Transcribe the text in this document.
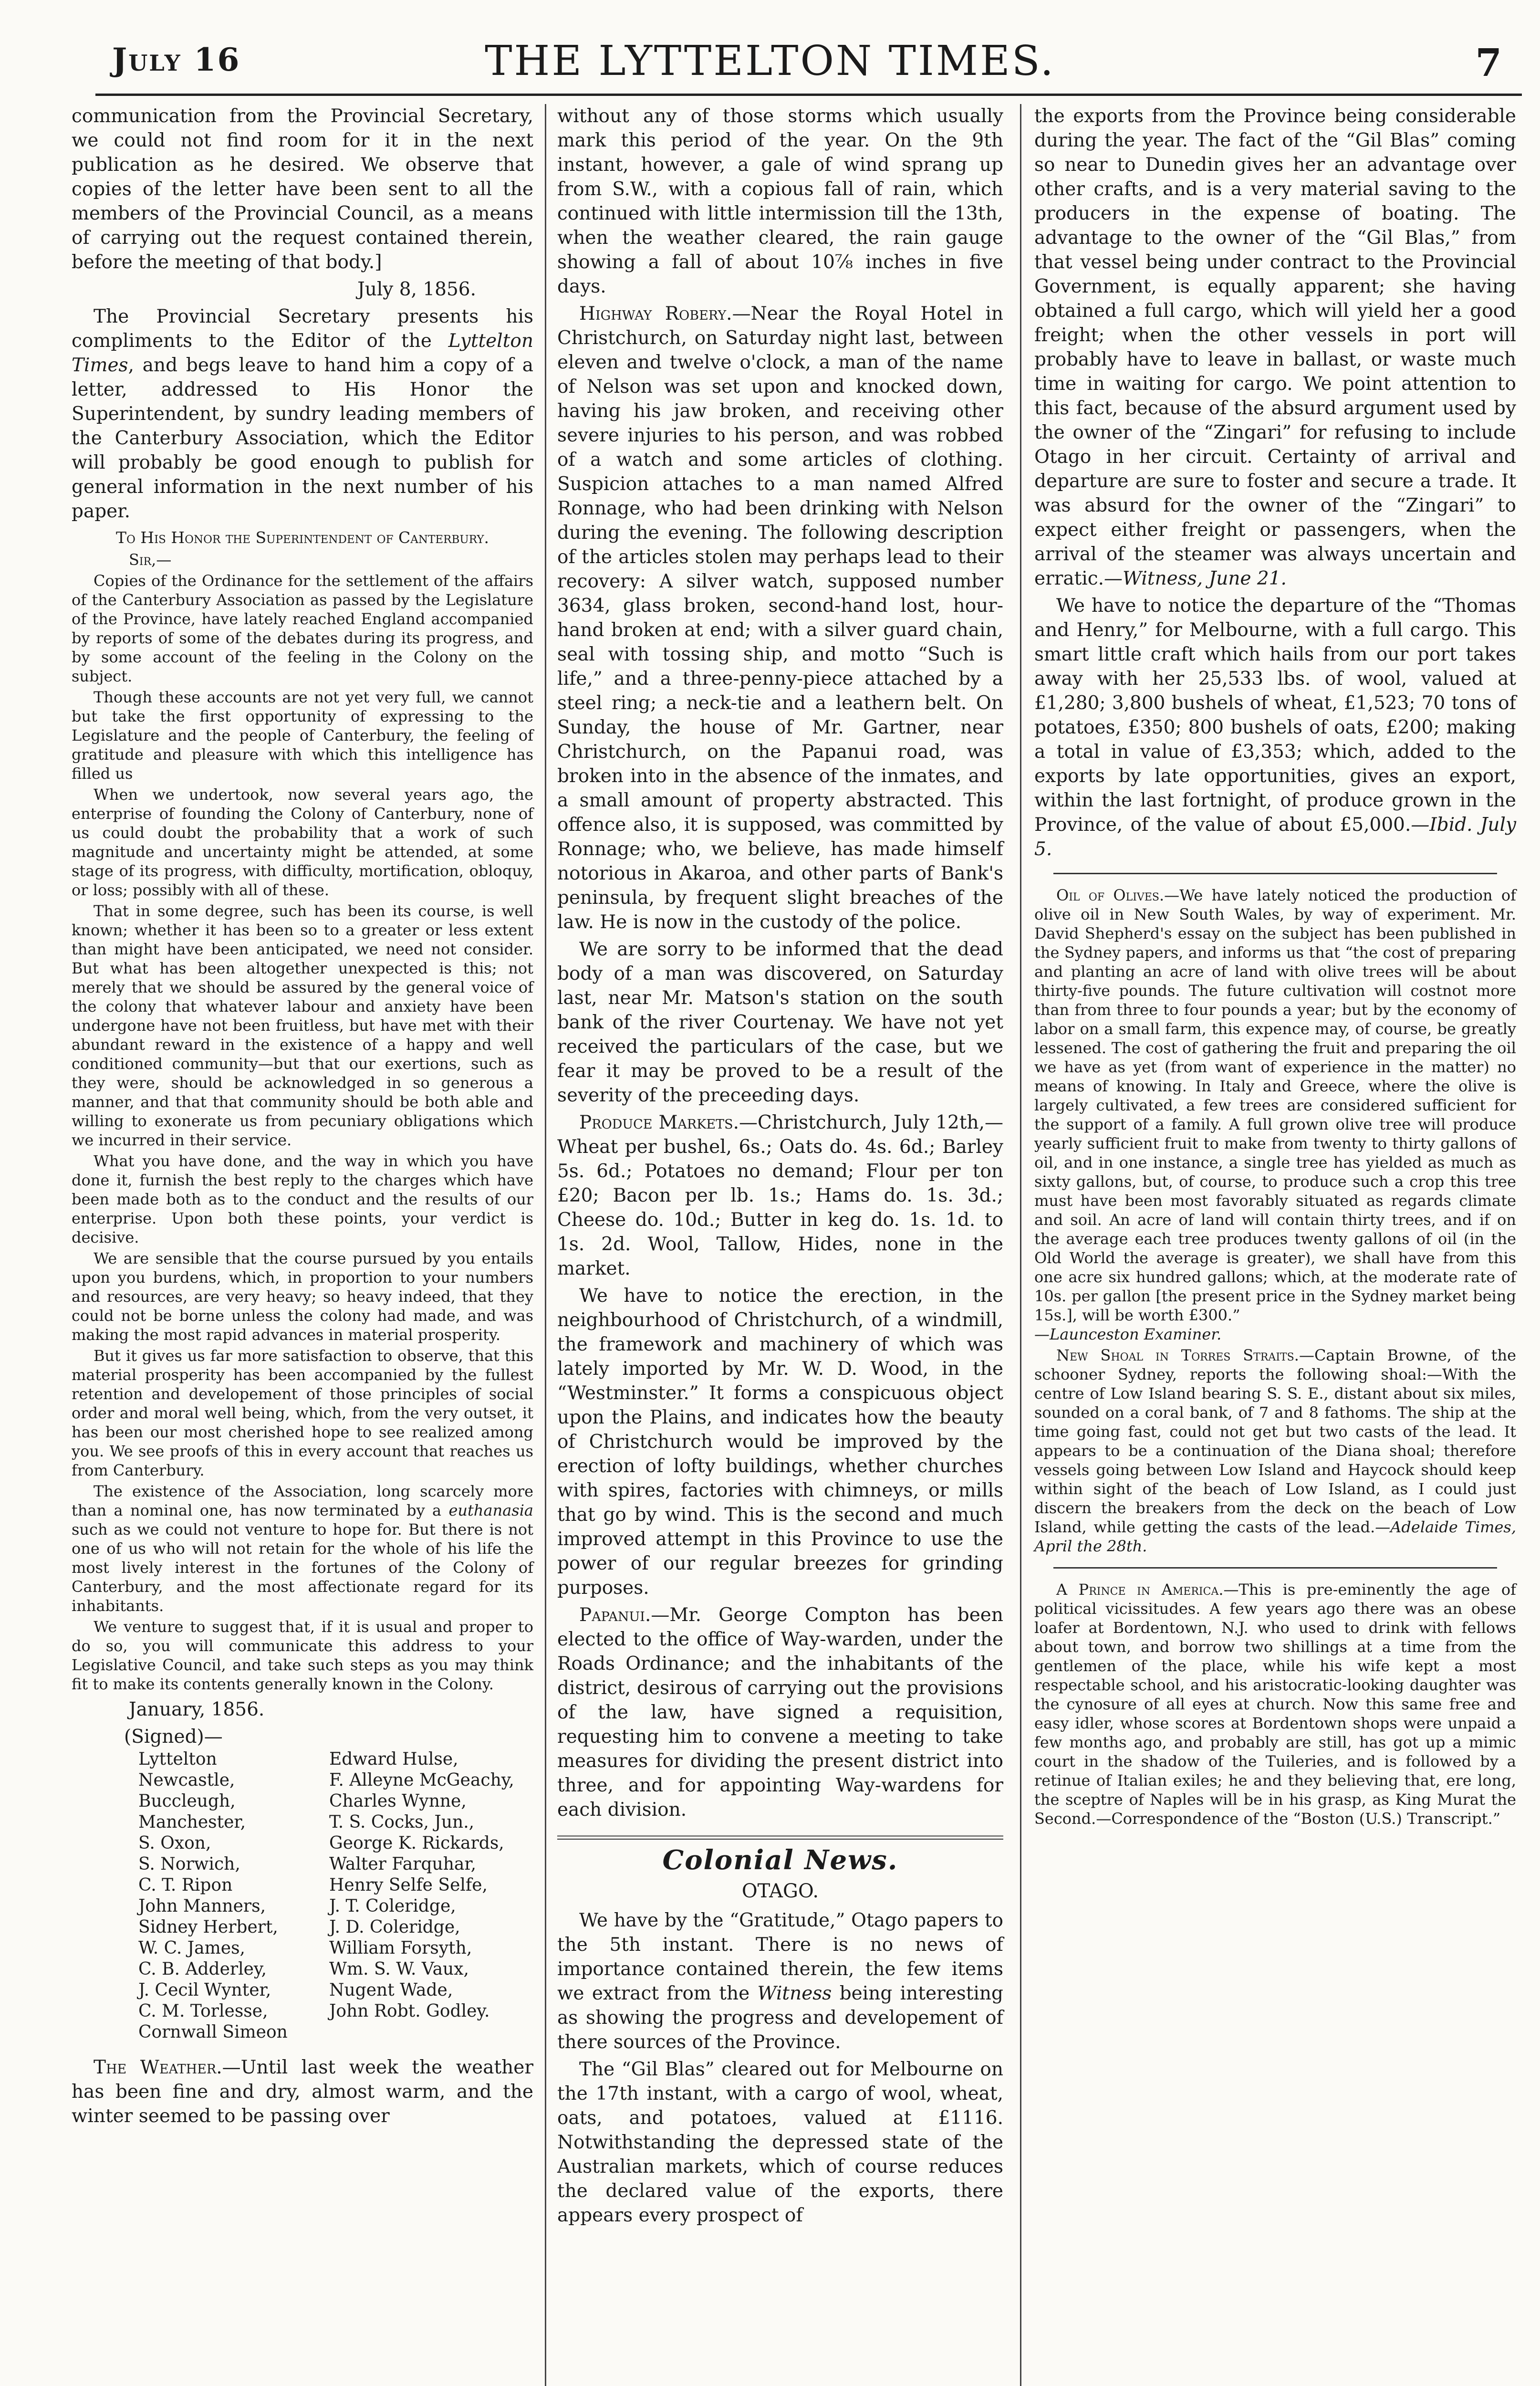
July 16	THE LYTTELTON TIMES.	7

communication from the Provincial Secretary, we could not find room for it in the next publication as he desired. We observe that copies of the letter have been sent to all the members of the Provincial Council, as a means of carrying out the request contained therein, before the meeting of that body.]

July 8, 1856.

The Provincial Secretary presents his compliments to the Editor of the Lyttelton Times, and begs leave to hand him a copy of a letter, addressed to His Honor the Superintendent, by sundry leading members of the Canterbury Association, which the Editor will probably be good enough to publish for general information in the next number of his paper.

To His Honor the Superintendent of Canterbury.
Sir,—

Copies of the Ordinance for the settlement of the affairs of the Canterbury Association as passed by the Legislature of the Province, have lately reached England accompanied by reports of some of the debates during its progress, and by some account of the feeling in the Colony on the subject.

Though these accounts are not yet very full, we cannot but take the first opportunity of expressing to the Legislature and the people of Canterbury, the feeling of gratitude and pleasure with which this intelligence has filled us

When we undertook, now several years ago, the enterprise of founding the Colony of Canterbury, none of us could doubt the probability that a work of such magnitude and uncertainty might be attended, at some stage of its progress, with difficulty, mortification, obloquy, or loss; possibly with all of these.

That in some degree, such has been its course, is well known; whether it has been so to a greater or less extent than might have been anticipated, we need not consider. But what has been altogether unexpected is this; not merely that we should be assured by the general voice of the colony that whatever labour and anxiety have been undergone have not been fruitless, but have met with their abundant reward in the existence of a happy and well conditioned community—but that our exertions, such as they were, should be acknowledged in so generous a manner, and that that community should be both able and willing to exonerate us from pecuniary obligations which we incurred in their service.

What you have done, and the way in which you have done it, furnish the best reply to the charges which have been made both as to the conduct and the results of our enterprise. Upon both these points, your verdict is decisive.

We are sensible that the course pursued by you entails upon you burdens, which, in proportion to your numbers and resources, are very heavy; so heavy indeed, that they could not be borne unless the colony had made, and was making the most rapid advances in material prosperity.

But it gives us far more satisfaction to observe, that this material prosperity has been accompanied by the fullest retention and developement of those principles of social order and moral well being, which, from the very outset, it has been our most cherished hope to see realized among you. We see proofs of this in every account that reaches us from Canterbury.

The existence of the Association, long scarcely more than a nominal one, has now terminated by a euthanasia such as we could not venture to hope for. But there is not one of us who will not retain for the whole of his life the most lively interest in the fortunes of the Colony of Canterbury, and the most affectionate regard for its inhabitants.

We venture to suggest that, if it is usual and proper to do so, you will communicate this address to your Legislative Council, and take such steps as you may think fit to make its contents generally known in the Colony.

January, 1856.
(Signed)—
Lyttelton
Newcastle,
Buccleugh,
Manchester,
S. Oxon,
S. Norwich,
C. T. Ripon
John Manners,
Sidney Herbert,
W. C. James,
C. B. Adderley,
J. Cecil Wynter,
C. M. Torlesse,
Cornwall Simeon
Edward Hulse,
F. Alleyne McGeachy,
Charles Wynne,
T. S. Cocks, Jun.,
George K. Rickards,
Walter Farquhar,
Henry Selfe Selfe,
J. T. Coleridge,
J. D. Coleridge,
William Forsyth,
Wm. S. W. Vaux,
Nugent Wade,
John Robt. Godley.

The Weather.—Until last week the weather has been fine and dry, almost warm, and the winter seemed to be passing over

without any of those storms which usually mark this period of the year. On the 9th instant, however, a gale of wind sprang up from S.W., with a copious fall of rain, which continued with little intermission till the 13th, when the weather cleared, the rain gauge showing a fall of about 10⅞ inches in five days.

Highway Robery.—Near the Royal Hotel in Christchurch, on Saturday night last, between eleven and twelve o'clock, a man of the name of Nelson was set upon and knocked down, having his jaw broken, and receiving other severe injuries to his person, and was robbed of a watch and some articles of clothing. Suspicion attaches to a man named Alfred Ronnage, who had been drinking with Nelson during the evening. The following description of the articles stolen may perhaps lead to their recovery: A silver watch, supposed number 3634, glass broken, second-hand lost, hour-hand broken at end; with a silver guard chain, seal with tossing ship, and motto “Such is life,” and a three-penny-piece attached by a steel ring; a neck-tie and a leathern belt. On Sunday, the house of Mr. Gartner, near Christchurch, on the Papanui road, was broken into in the absence of the inmates, and a small amount of property abstracted. This offence also, it is supposed, was committed by Ronnage; who, we believe, has made himself notorious in Akaroa, and other parts of Bank's peninsula, by frequent slight breaches of the law. He is now in the custody of the police.

We are sorry to be informed that the dead body of a man was discovered, on Saturday last, near Mr. Matson's station on the south bank of the river Courtenay. We have not yet received the particulars of the case, but we fear it may be proved to be a result of the severity of the preceeding days.

Produce Markets.—Christchurch, July 12th,—Wheat per bushel, 6s.; Oats do. 4s. 6d.; Barley 5s. 6d.; Potatoes no demand; Flour per ton £20; Bacon per lb. 1s.; Hams do. 1s. 3d.; Cheese do. 10d.; Butter in keg do. 1s. 1d. to 1s. 2d. Wool, Tallow, Hides, none in the market.

We have to notice the erection, in the neighbourhood of Christchurch, of a windmill, the framework and machinery of which was lately imported by Mr. W. D. Wood, in the “Westminster.” It forms a conspicuous object upon the Plains, and indicates how the beauty of Christchurch would be improved by the erection of lofty buildings, whether churches with spires, factories with chimneys, or mills that go by wind. This is the second and much improved attempt in this Province to use the power of our regular breezes for grinding purposes.

Papanui.—Mr. George Compton has been elected to the office of Way-warden, under the Roads Ordinance; and the inhabitants of the district, desirous of carrying out the provisions of the law, have signed a requisition, requesting him to convene a meeting to take measures for dividing the present district into three, and for appointing Way-wardens for each division.

Colonial News.
OTAGO.

We have by the “Gratitude,” Otago papers to the 5th instant. There is no news of importance contained therein, the few items we extract from the Witness being interesting as showing the progress and developement of there sources of the Province.

The “Gil Blas” cleared out for Melbourne on the 17th instant, with a cargo of wool, wheat, oats, and potatoes, valued at £1116. Notwithstanding the depressed state of the Australian markets, which of course reduces the declared value of the exports, there appears every prospect of

the exports from the Province being considerable during the year. The fact of the “Gil Blas” coming so near to Dunedin gives her an advantage over other crafts, and is a very material saving to the producers in the expense of boating. The advantage to the owner of the “Gil Blas,” from that vessel being under contract to the Provincial Government, is equally apparent; she having obtained a full cargo, which will yield her a good freight; when the other vessels in port will probably have to leave in ballast, or waste much time in waiting for cargo. We point attention to this fact, because of the absurd argument used by the owner of the “Zingari” for refusing to include Otago in her circuit. Certainty of arrival and departure are sure to foster and secure a trade. It was absurd for the owner of the “Zingari” to expect either freight or passengers, when the arrival of the steamer was always uncertain and erratic.—Witness, June 21.

We have to notice the departure of the “Thomas and Henry,” for Melbourne, with a full cargo. This smart little craft which hails from our port takes away with her 25,533 lbs. of wool, valued at £1,280; 3,800 bushels of wheat, £1,523; 70 tons of potatoes, £350; 800 bushels of oats, £200; making a total in value of £3,353; which, added to the exports by late opportunities, gives an export, within the last fortnight, of produce grown in the Province, of the value of about £5,000.—Ibid. July 5.

Oil of Olives.—We have lately noticed the production of olive oil in New South Wales, by way of experiment. Mr. David Shepherd's essay on the subject has been published in the Sydney papers, and informs us that “the cost of preparing and planting an acre of land with olive trees will be about thirty-five pounds. The future cultivation will costnot more than from three to four pounds a year; but by the economy of labor on a small farm, this expence may, of course, be greatly lessened. The cost of gathering the fruit and preparing the oil we have as yet (from want of experience in the matter) no means of knowing. In Italy and Greece, where the olive is largely cultivated, a few trees are considered sufficient for the support of a family. A full grown olive tree will produce yearly sufficient fruit to make from twenty to thirty gallons of oil, and in one instance, a single tree has yielded as much as sixty gallons, but, of course, to produce such a crop this tree must have been most favorably situated as regards climate and soil. An acre of land will contain thirty trees, and if on the average each tree produces twenty gallons of oil (in the Old World the average is greater), we shall have from this one acre six hundred gallons; which, at the moderate rate of 10s. per gallon [the present price in the Sydney market being 15s.], will be worth £300.”
—Launceston Examiner.

New Shoal in Torres Straits.—Captain Browne, of the schooner Sydney, reports the following shoal:—With the centre of Low Island bearing S. S. E., distant about six miles, sounded on a coral bank, of 7 and 8 fathoms. The ship at the time going fast, could not get but two casts of the lead. It appears to be a continuation of the Diana shoal; therefore vessels going between Low Island and Haycock should keep within sight of the beach of Low Island, as I could just discern the breakers from the deck on the beach of Low Island, while getting the casts of the lead.—Adelaide Times, April the 28th.

A Prince in America.—This is pre-eminently the age of political vicissitudes. A few years ago there was an obese loafer at Bordentown, N.J. who used to drink with fellows about town, and borrow two shillings at a time from the gentlemen of the place, while his wife kept a most respectable school, and his aristocratic-looking daughter was the cynosure of all eyes at church. Now this same free and easy idler, whose scores at Bordentown shops were unpaid a few months ago, and probably are still, has got up a mimic court in the shadow of the Tuileries, and is followed by a retinue of Italian exiles; he and they believing that, ere long, the sceptre of Naples will be in his grasp, as King Murat the Second.—Correspondence of the “Boston (U.S.) Transcript.”
